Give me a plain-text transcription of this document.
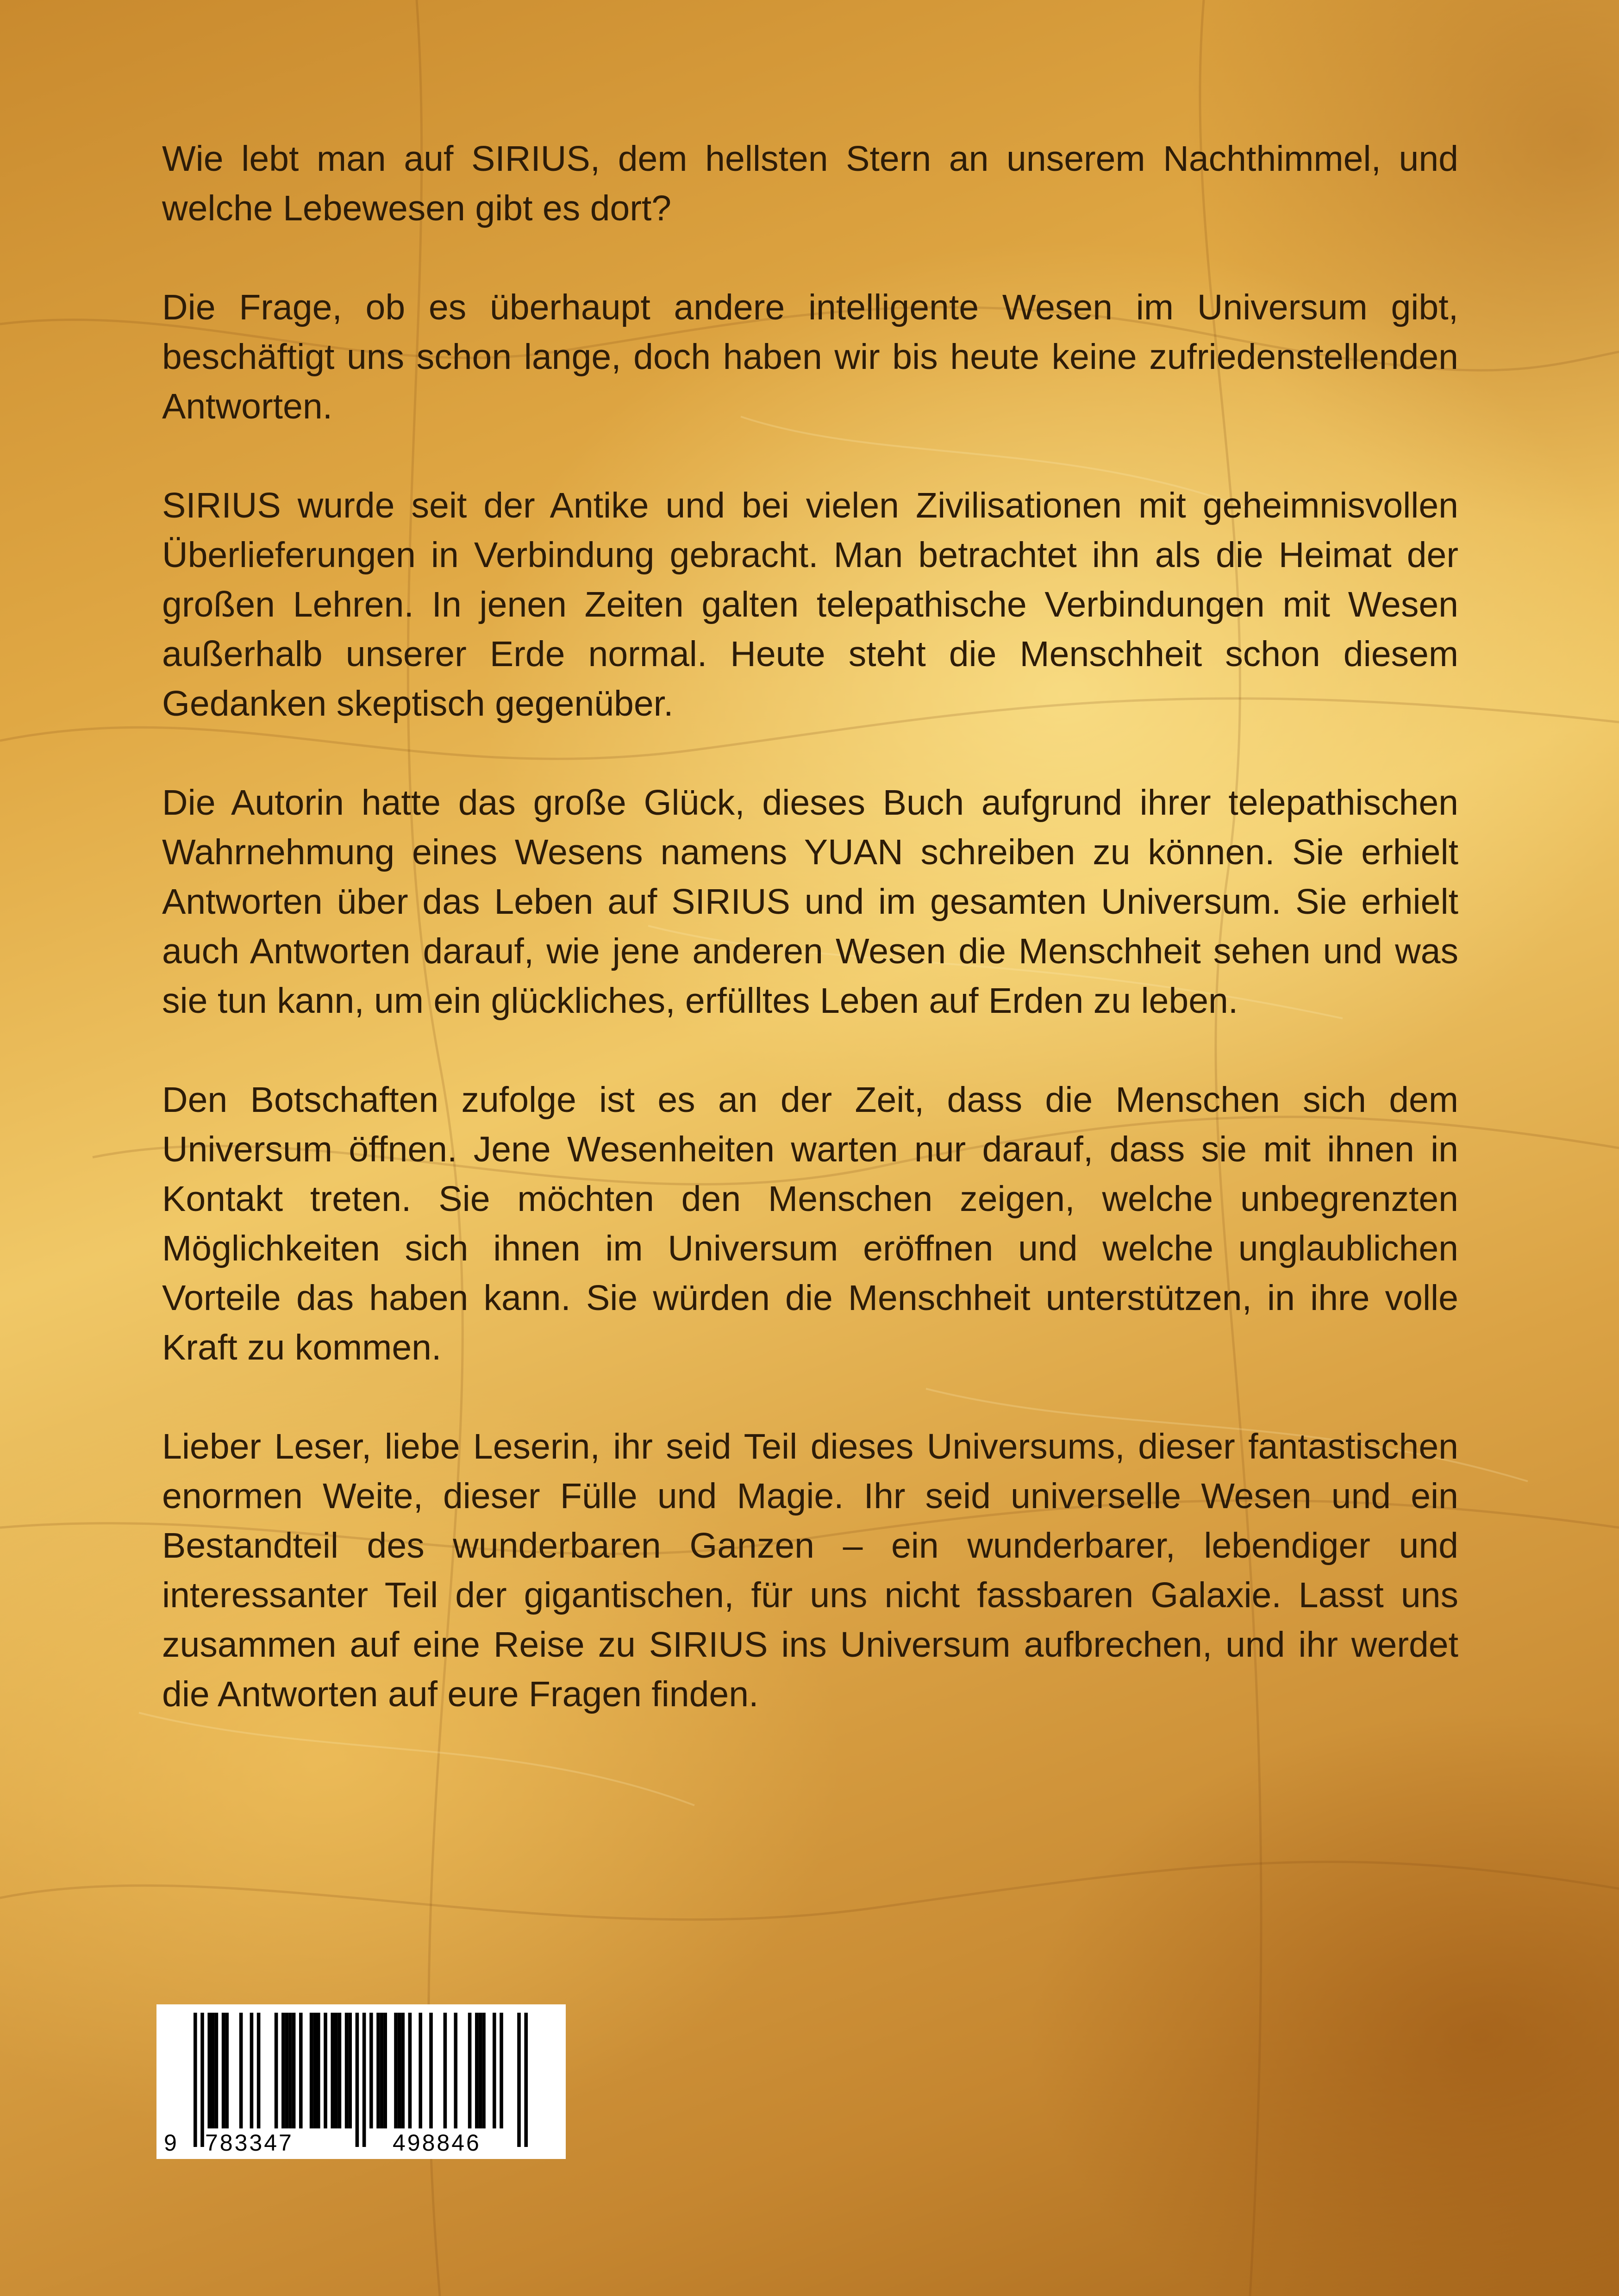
Wie lebt man auf SIRIUS, dem hellsten Stern an unserem Nachthimmel, und welche Lebewesen gibt es dort?

Die Frage, ob es überhaupt andere intelligente Wesen im Universum gibt, beschäftigt uns schon lange, doch haben wir bis heute keine zufriedenstellenden Antworten.

SIRIUS wurde seit der Antike und bei vielen Zivilisationen mit geheimnisvollen Überlieferungen in Verbindung gebracht. Man betrachtet ihn als die Heimat der großen Lehren. In jenen Zeiten galten telepathische Verbindungen mit Wesen außerhalb unserer Erde normal. Heute steht die Menschheit schon diesem Gedanken skeptisch gegenüber.

Die Autorin hatte das große Glück, dieses Buch aufgrund ihrer telepathischen Wahrnehmung eines Wesens namens YUAN schreiben zu können. Sie erhielt Antworten über das Leben auf SIRIUS und im gesamten Universum. Sie erhielt auch Antworten darauf, wie jene anderen Wesen die Menschheit sehen und was sie tun kann, um ein glückliches, erfülltes Leben auf Erden zu leben.

Den Botschaften zufolge ist es an der Zeit, dass die Menschen sich dem Universum öffnen. Jene Wesenheiten warten nur darauf, dass sie mit ihnen in Kontakt treten. Sie möchten den Menschen zeigen, welche unbegrenzten Möglichkeiten sich ihnen im Universum eröffnen und welche unglaublichen Vorteile das haben kann. Sie würden die Menschheit unterstützen, in ihre volle Kraft zu kommen.

Lieber Leser, liebe Leserin, ihr seid Teil dieses Universums, dieser fantastischen enormen Weite, dieser Fülle und Magie. Ihr seid universelle Wesen und ein Bestandteil des wunderbaren Ganzen – ein wunderbarer, lebendiger und interessanter Teil der gigantischen, für uns nicht fassbaren Galaxie. Lasst uns zusammen auf eine Reise zu SIRIUS ins Universum aufbrechen, und ihr werdet die Antworten auf eure Fragen finden.

9 783347	498846
